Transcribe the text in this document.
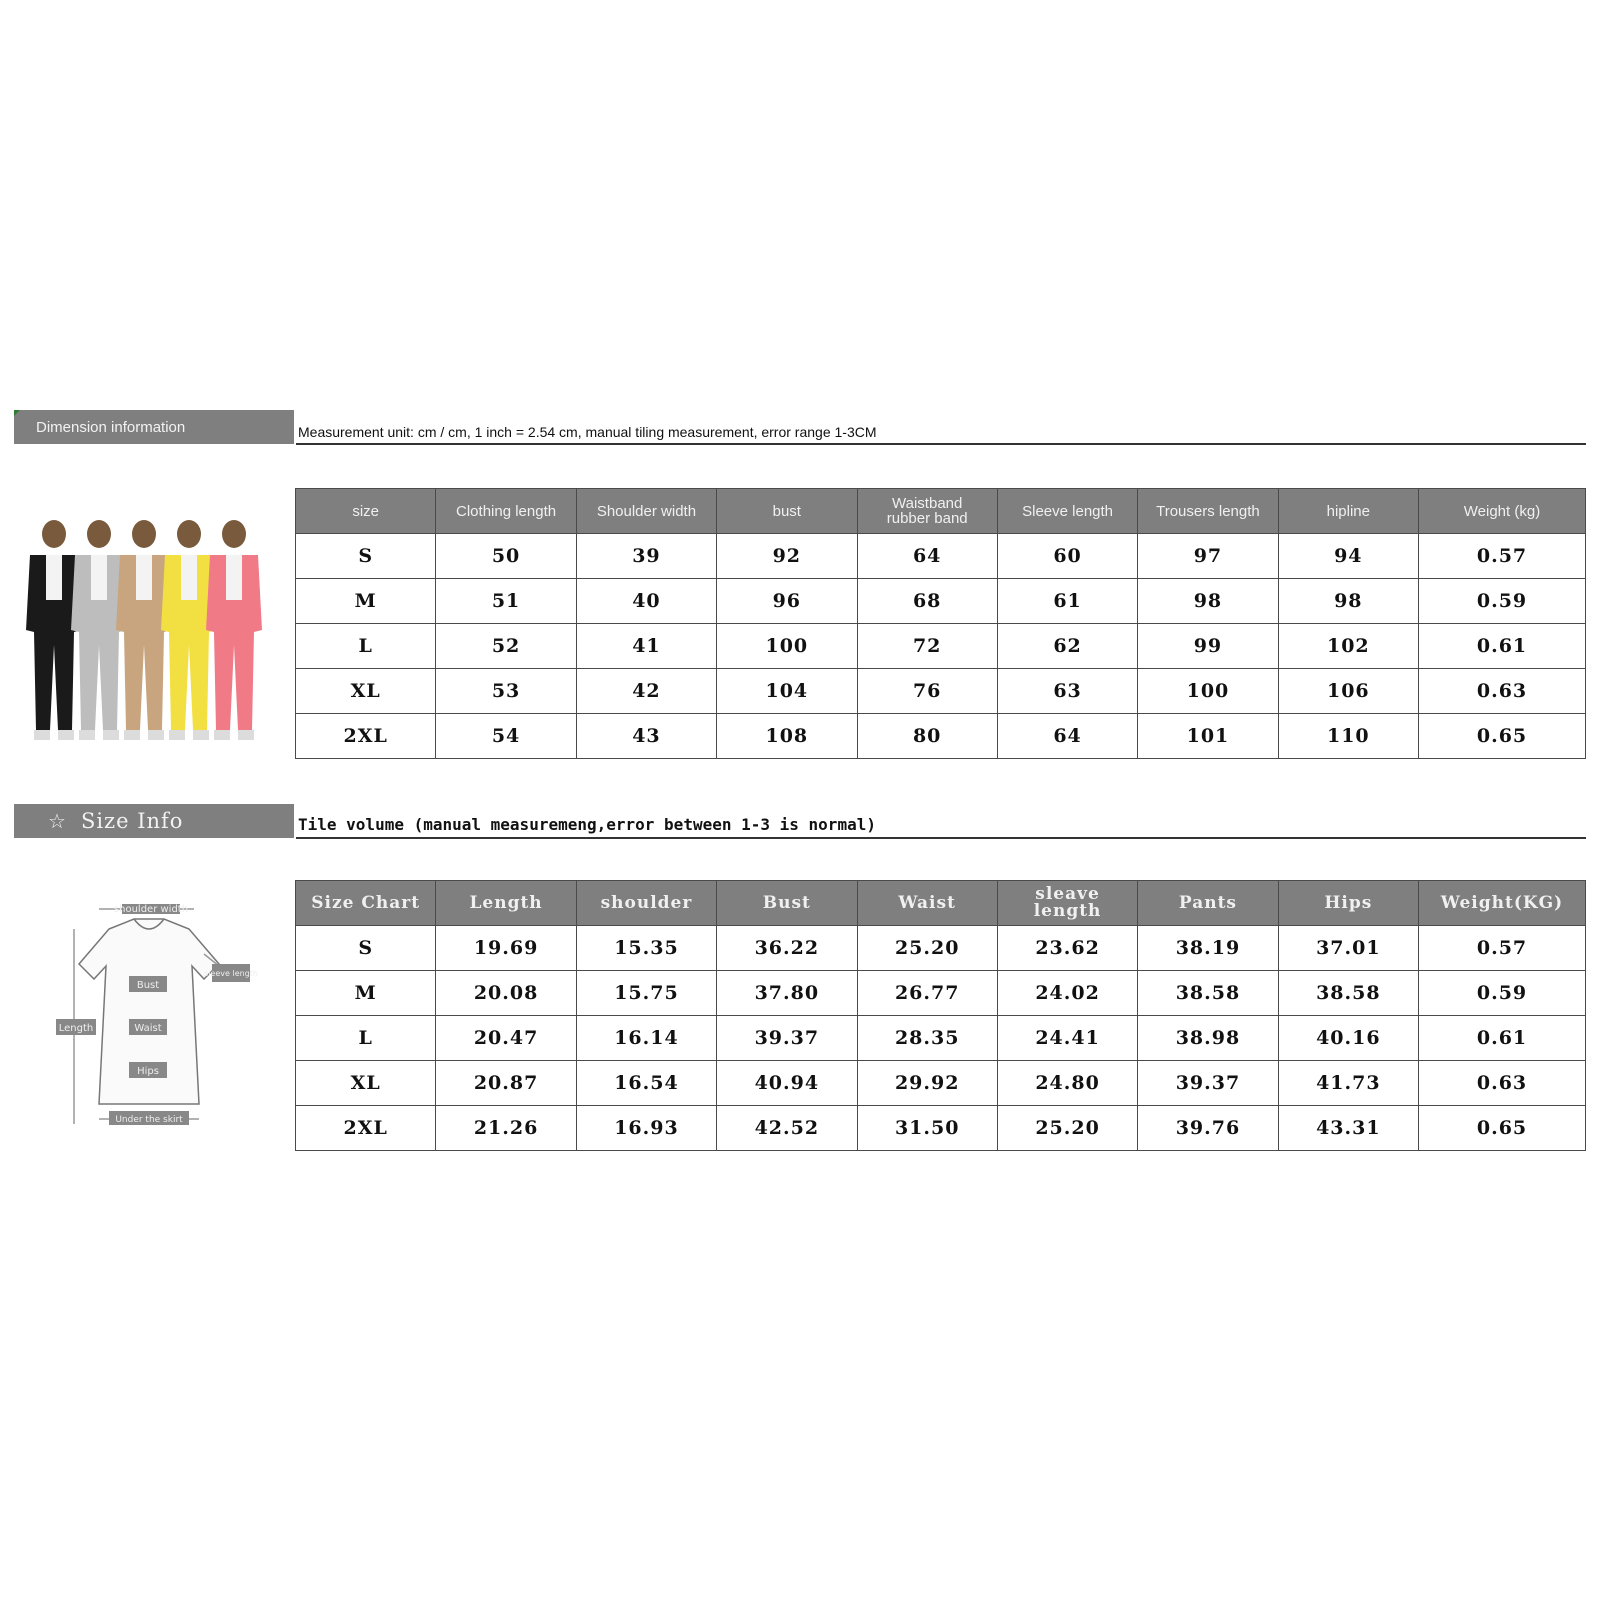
Dimension information	Measurement unit: cm / cm, 1 inch = 2.54 cm, manual tiling measurement, error range 1-3CM
size	Clothing length	Shoulder width	bust	Waistband rubber band	Sleeve length	Trousers length	hipline	Weight (kg)
S	50	39	92	64	60	97	94	0.57
M	51	40	96	68	61	98	98	0.59
L	52	41	100	72	62	99	102	0.61
XL	53	42	104	76	63	100	106	0.63
2XL	54	43	108	80	64	101	110	0.65
☆ Size Info	Tile volume (manual measuremeng,error between 1-3 is normal)
shoulder width
sleeve length
Bust
Waist
Hips
Length
Under the skirt
Size Chart	Length	shoulder	Bust	Waist	sleave length	Pants	Hips	Weight(KG)
S	19.69	15.35	36.22	25.20	23.62	38.19	37.01	0.57
M	20.08	15.75	37.80	26.77	24.02	38.58	38.58	0.59
L	20.47	16.14	39.37	28.35	24.41	38.98	40.16	0.61
XL	20.87	16.54	40.94	29.92	24.80	39.37	41.73	0.63
2XL	21.26	16.93	42.52	31.50	25.20	39.76	43.31	0.65
